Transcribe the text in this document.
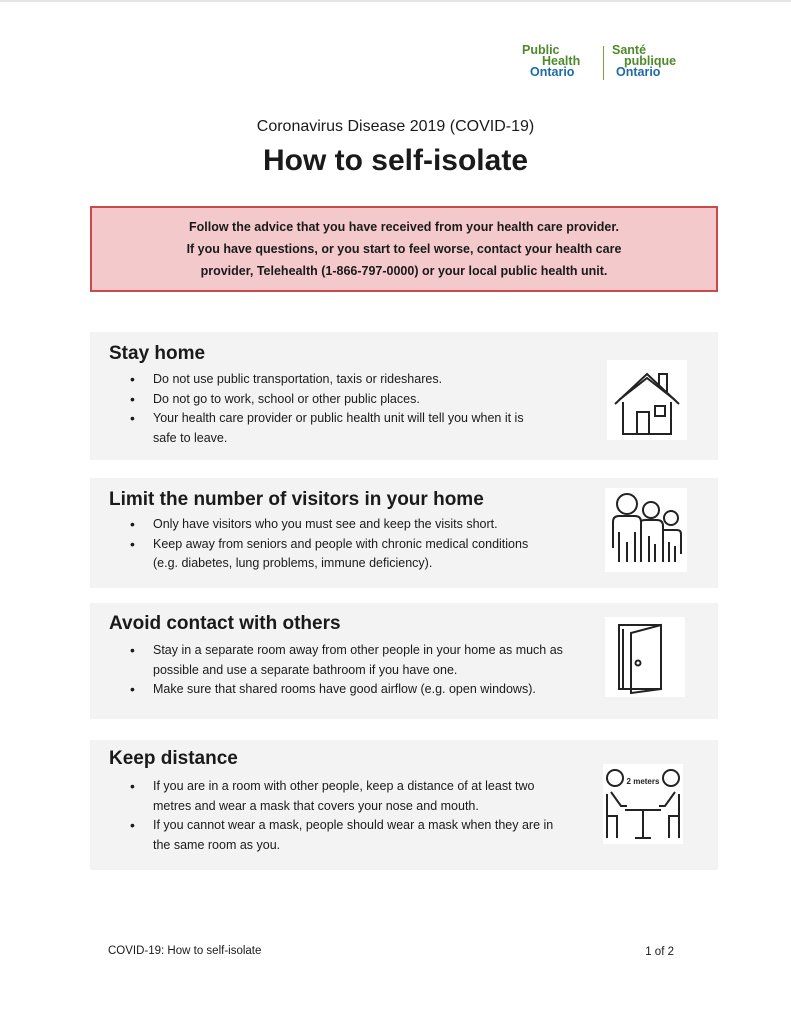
Public
Health
Ontario
Santé
publique
Ontario
Coronavirus Disease 2019 (COVID-19)
How to self-isolate
Follow the advice that you have received from your health care provider.
If you have questions, or you start to feel worse, contact your health care
provider, Telehealth (1-866-797-0000) or your local public health unit.
Stay home
• Do not use public transportation, taxis or rideshares.
• Do not go to work, school or other public places.
• Your health care provider or public health unit will tell you when it is safe to leave.
Limit the number of visitors in your home
• Only have visitors who you must see and keep the visits short.
• Keep away from seniors and people with chronic medical conditions (e.g. diabetes, lung problems, immune deficiency).
Avoid contact with others
• Stay in a separate room away from other people in your home as much as possible and use a separate bathroom if you have one.
• Make sure that shared rooms have good airflow (e.g. open windows).
Keep distance
• If you are in a room with other people, keep a distance of at least two metres and wear a mask that covers your nose and mouth.
• If you cannot wear a mask, people should wear a mask when they are in the same room as you.
2 meters
COVID-19: How to self-isolate	1 of 2
